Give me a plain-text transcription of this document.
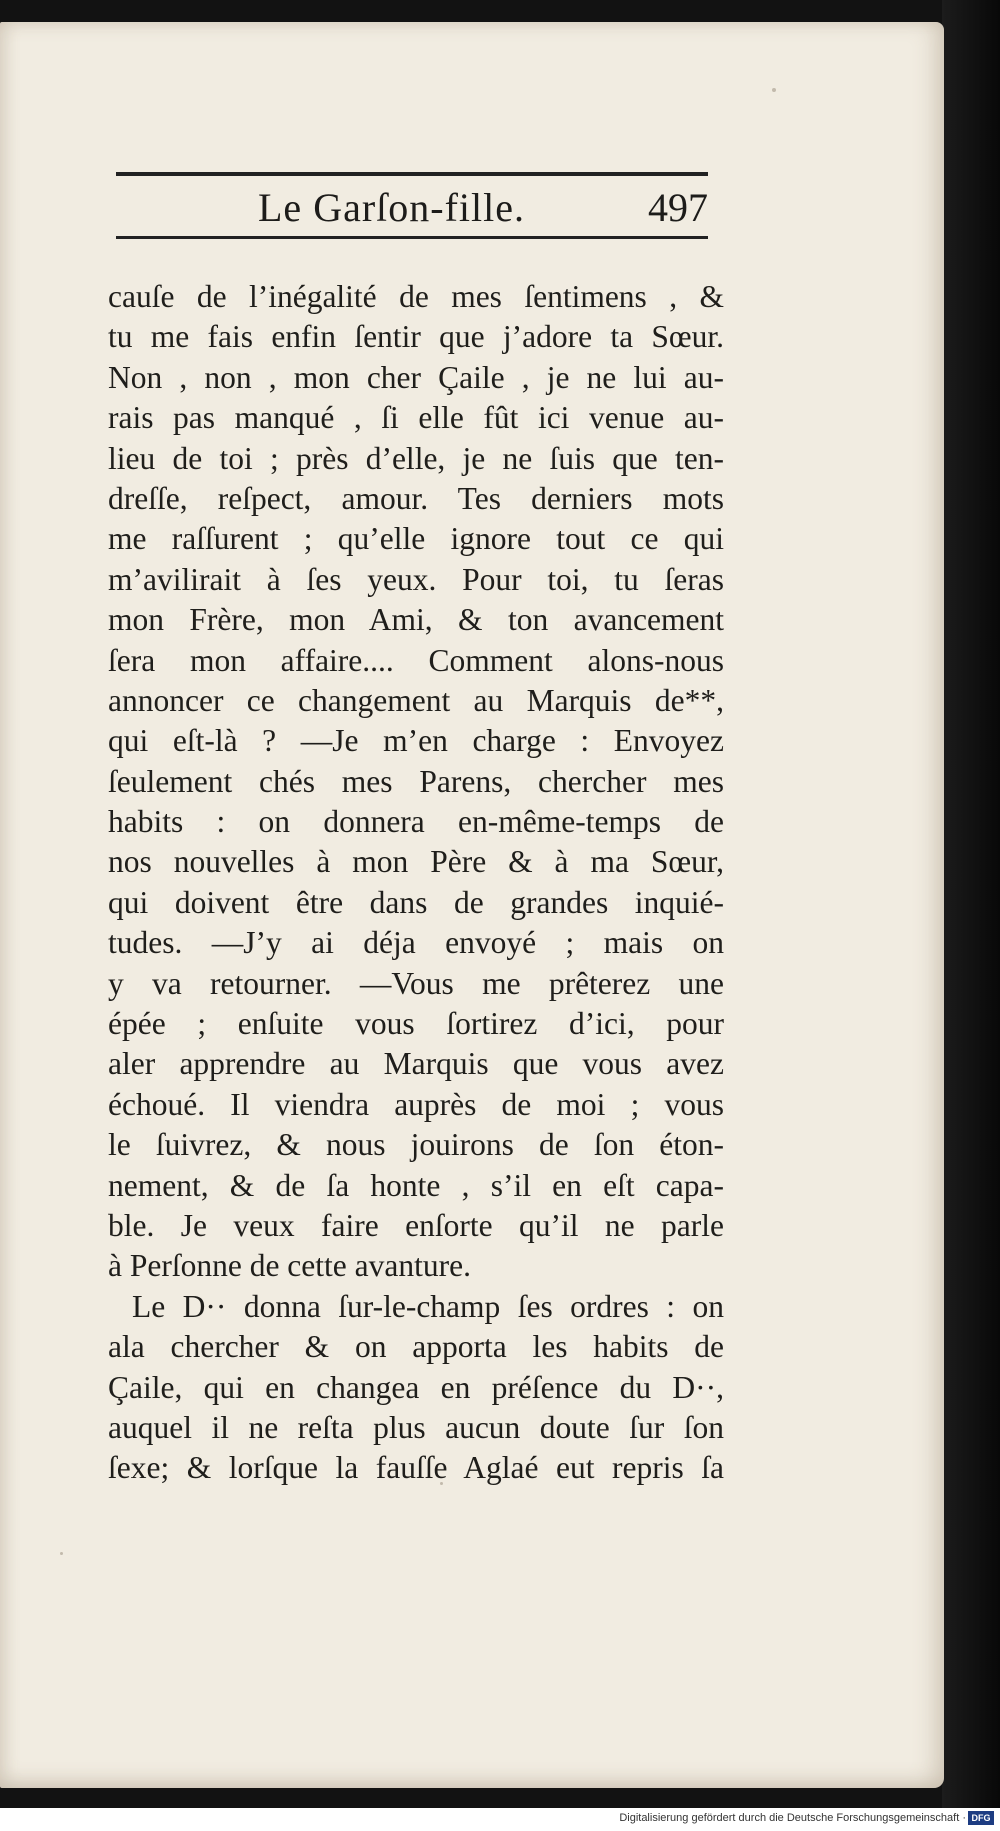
Le Garſon-fille.	497
cauſe de l’inégalité de mes ſentimens , &
tu me fais enfin ſentir que j’adore ta Sœur.
Non , non , mon cher Çaile , je ne lui au-
rais pas manqué , ſi elle fût ici venue au-
lieu de toi ; près d’elle, je ne ſuis que ten-
dreſſe, reſpect, amour. Tes derniers mots
me raſſurent ; qu’elle ignore tout ce qui
m’avilirait à ſes yeux. Pour toi, tu ſeras
mon Frère, mon Ami, & ton avancement
ſera mon affaire.... Comment alons-nous
annoncer ce changement au Marquis de**,
qui eſt-là ? —Je m’en charge : Envoyez
ſeulement chés mes Parens, chercher mes
habits : on donnera en-même-temps de
nos nouvelles à mon Père & à ma Sœur,
qui doivent être dans de grandes inquié-
tudes. —J’y ai déja envoyé ; mais on
y va retourner. —Vous me prêterez une
épée ; enſuite vous ſortirez d’ici, pour
aler apprendre au Marquis que vous avez
échoué. Il viendra auprès de moi ; vous
le ſuivrez, & nous jouirons de ſon éton-
nement, & de ſa honte , s’il en eſt capa-
ble. Je veux faire enſorte qu’il ne parle
à Perſonne de cette avanture.
Le D·· donna ſur-le-champ ſes ordres : on
ala chercher & on apporta les habits de
Çaile, qui en changea en préſence du D··,
auquel il ne reſta plus aucun doute ſur ſon
ſexe; & lorſque la fauſſe Aglaé eut repris ſa
Digitalisierung gefördert durch die Deutsche Forschungsgemeinschaft · DFG
